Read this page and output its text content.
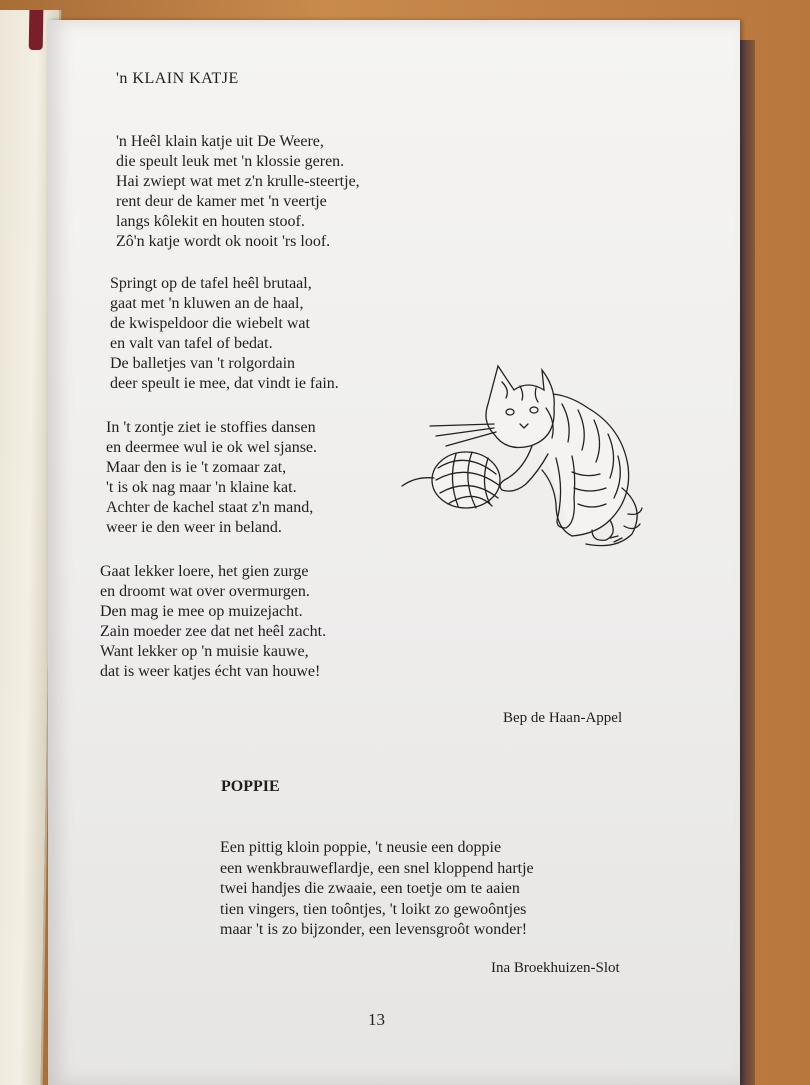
'n KLAIN KATJE

'n Heêl klain katje uit De Weere,
die speult leuk met 'n klossie geren.
Hai zwiept wat met z'n krulle-steertje,
rent deur de kamer met 'n veertje
langs kôlekit en houten stoof.
Zô'n katje wordt ok nooit 'rs loof.

Springt op de tafel heêl brutaal,
gaat met 'n kluwen an de haal,
de kwispeldoor die wiebelt wat
en valt van tafel of bedat.
De balletjes van 't rolgordain
deer speult ie mee, dat vindt ie fain.

In 't zontje ziet ie stoffies dansen
en deermee wul ie ok wel sjanse.
Maar den is ie 't zomaar zat,
't is ok nag maar 'n klaine kat.
Achter de kachel staat z'n mand,
weer ie den weer in beland.

Gaat lekker loere, het gien zurge
en droomt wat over overmurgen.
Den mag ie mee op muizejacht.
Zain moeder zee dat net heêl zacht.
Want lekker op 'n muisie kauwe,
dat is weer katjes écht van houwe!

Bep de Haan-Appel
POPPIE

Een pittig kloin poppie, 't neusie een doppie
een wenkbrauweflardje, een snel kloppend hartje
twei handjes die zwaaie, een toetje om te aaien
tien vingers, tien toôntjes, 't loikt zo gewoôntjes
maar 't is zo bijzonder, een levensgroôt wonder!

Ina Broekhuizen-Slot
13
